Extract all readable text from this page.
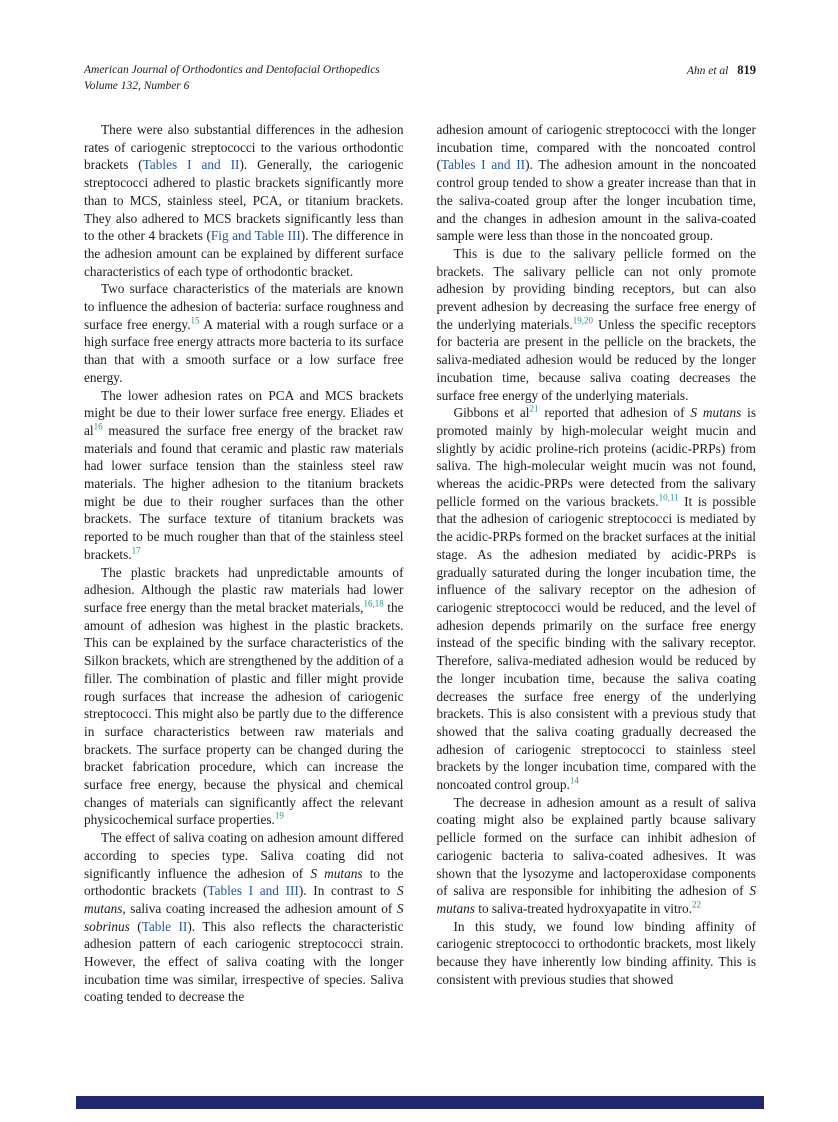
American Journal of Orthodontics and Dentofacial Orthopedics
Volume 132, Number 6
Ahn et al 819

There were also substantial differences in the adhesion rates of cariogenic streptococci to the various orthodontic brackets (Tables I and II). Generally, the cariogenic streptococci adhered to plastic brackets significantly more than to MCS, stainless steel, PCA, or titanium brackets. They also adhered to MCS brackets significantly less than to the other 4 brackets (Fig and Table III). The difference in the adhesion amount can be explained by different surface characteristics of each type of orthodontic bracket.

Two surface characteristics of the materials are known to influence the adhesion of bacteria: surface roughness and surface free energy.$^{15}$ A material with a rough surface or a high surface free energy attracts more bacteria to its surface than that with a smooth surface or a low surface free energy.

The lower adhesion rates on PCA and MCS brackets might be due to their lower surface free energy. Eliades et $al^{16}$ measured the surface free energy of the bracket raw materials and found that ceramic and plastic raw materials had lower surface tension than the stainless steel raw materials. The higher adhesion to the titanium brackets might be due to their rougher surfaces than the other brackets. The surface texture of titanium brackets was reported to be much rougher than that of the stainless steel brackets.$^{17}$

The plastic brackets had unpredictable amounts of adhesion. Although the plastic raw materials had lower surface free energy than the metal bracket materials,$^{16,18}$ the amount of adhesion was highest in the plastic brackets. This can be explained by the surface characteristics of the Silkon brackets, which are strengthened by the addition of a filler. The combination of plastic and filler might provide rough surfaces that increase the adhesion of cariogenic streptococci. This might also be partly due to the difference in surface characteristics between raw materials and brackets. The surface property can be changed during the bracket fabrication procedure, which can increase the surface free energy, because the physical and chemical changes of materials can significantly affect the relevant physicochemical surface properties.$^{19}$

The effect of saliva coating on adhesion amount differed according to species type. Saliva coating did not significantly influence the adhesion of S mutans to the orthodontic brackets (Tables I and III). In contrast to S mutans, saliva coating increased the adhesion amount of S sobrinus (Table II). This also reflects the characteristic adhesion pattern of each cariogenic streptococci strain. However, the effect of saliva coating with the longer incubation time was similar, irrespective of species. Saliva coating tended to decrease the

adhesion amount of cariogenic streptococci with the longer incubation time, compared with the noncoated control (Tables I and II). The adhesion amount in the noncoated control group tended to show a greater increase than that in the saliva-coated group after the longer incubation time, and the changes in adhesion amount in the saliva-coated sample were less than those in the noncoated group.

This is due to the salivary pellicle formed on the brackets. The salivary pellicle can not only promote adhesion by providing binding receptors, but can also prevent adhesion by decreasing the surface free energy of the underlying materials.$^{19,20}$ Unless the specific receptors for bacteria are present in the pellicle on the brackets, the saliva-mediated adhesion would be reduced by the longer incubation time, because saliva coating decreases the surface free energy of the underlying materials.

Gibbons et $al^{21}$ reported that adhesion of S mutans is promoted mainly by high-molecular weight mucin and slightly by acidic proline-rich proteins (acidic-PRPs) from saliva. The high-molecular weight mucin was not found, whereas the acidic-PRPs were detected from the salivary pellicle formed on the various brackets.$^{10,11}$ It is possible that the adhesion of cariogenic streptococci is mediated by the acidic-PRPs formed on the bracket surfaces at the initial stage. As the adhesion mediated by acidic-PRPs is gradually saturated during the longer incubation time, the influence of the salivary receptor on the adhesion of cariogenic streptococci would be reduced, and the level of adhesion depends primarily on the surface free energy instead of the specific binding with the salivary receptor. Therefore, saliva-mediated adhesion would be reduced by the longer incubation time, because the saliva coating decreases the surface free energy of the underlying brackets. This is also consistent with a previous study that showed that the saliva coating gradually decreased the adhesion of cariogenic streptococci to stainless steel brackets by the longer incubation time, compared with the noncoated control group.$^{14}$

The decrease in adhesion amount as a result of saliva coating might also be explained partly bcause salivary pellicle formed on the surface can inhibit adhesion of cariogenic bacteria to saliva-coated adhesives. It was shown that the lysozyme and lactoperoxidase components of saliva are responsible for inhibiting the adhesion of S mutans to saliva-treated hydroxyapatite in vitro.$^{22}$

In this study, we found low binding affinity of cariogenic streptococci to orthodontic brackets, most likely because they have inherently low binding affinity. This is consistent with previous studies that showed
